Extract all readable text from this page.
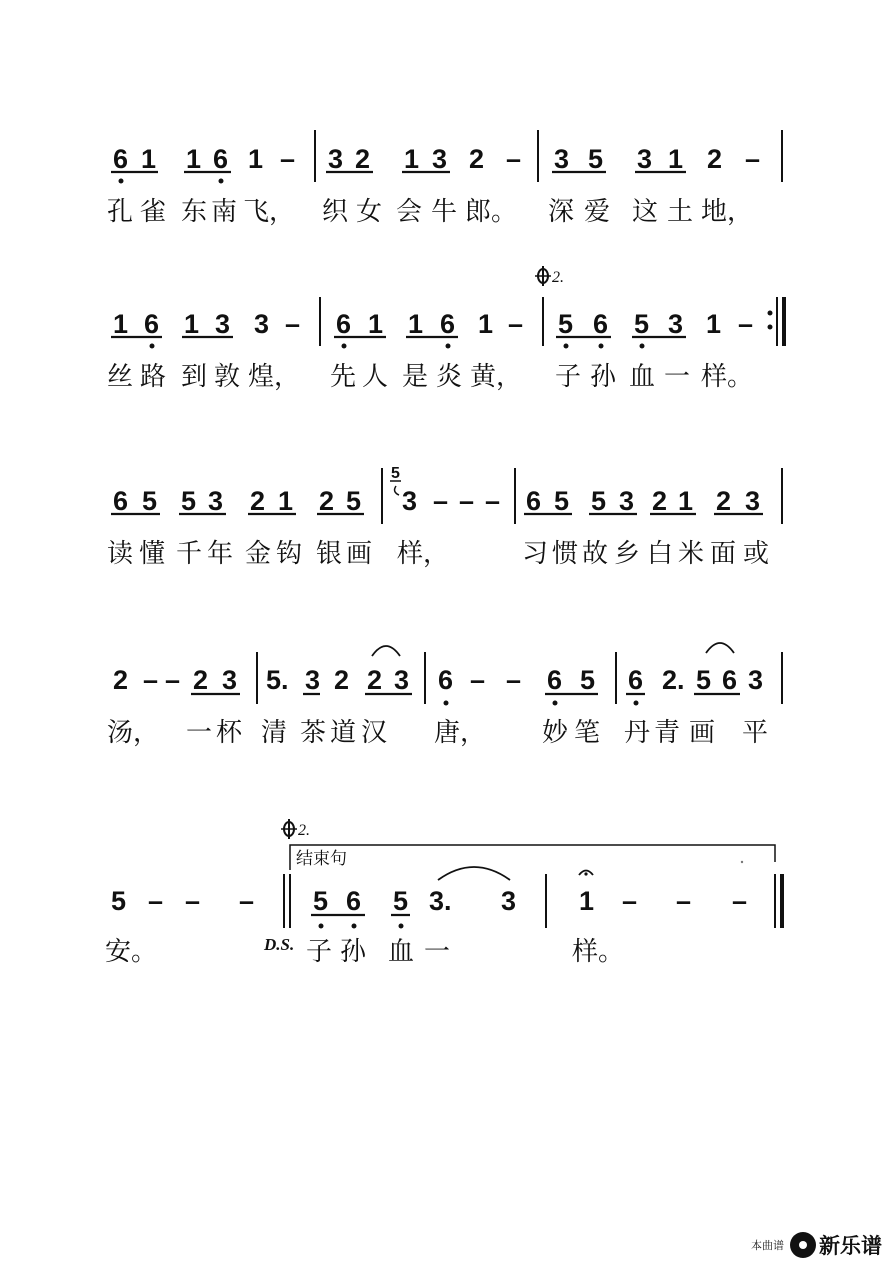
6 1 1 6 1 – 3 2 1 3 2 – 3 5 3 1 2 –
孔 雀 东 南 飞， 织 女 会 牛 郎。 深 爱 这 土 地，
2.
1 6 1 3 3 – 6 1 1 6 1 – 5 6 5 3 1 –
丝 路 到 敦 煌， 先 人 是 炎 黄， 子 孙 血 一 样。
6 5 5 3 2 1 2 5
5
3 – – – 6 5 5 3 2 1 2 3
读 懂 千 年 金 钩 银 画 样，	习 惯 故 乡 白 米 面 或
2 – – 2 3 5. 3 2 2 3 6 – – 6 5 6 2. 5 6 3
汤， 一 杯 清 茶 道 汉 唐， 妙 笔 丹 青 画 平
2.
结束句
5 – – – 5 6 5 3. 3 1 – – –
D.S.
安。	子 孙 血 一	样。
本曲谱 新乐谱
